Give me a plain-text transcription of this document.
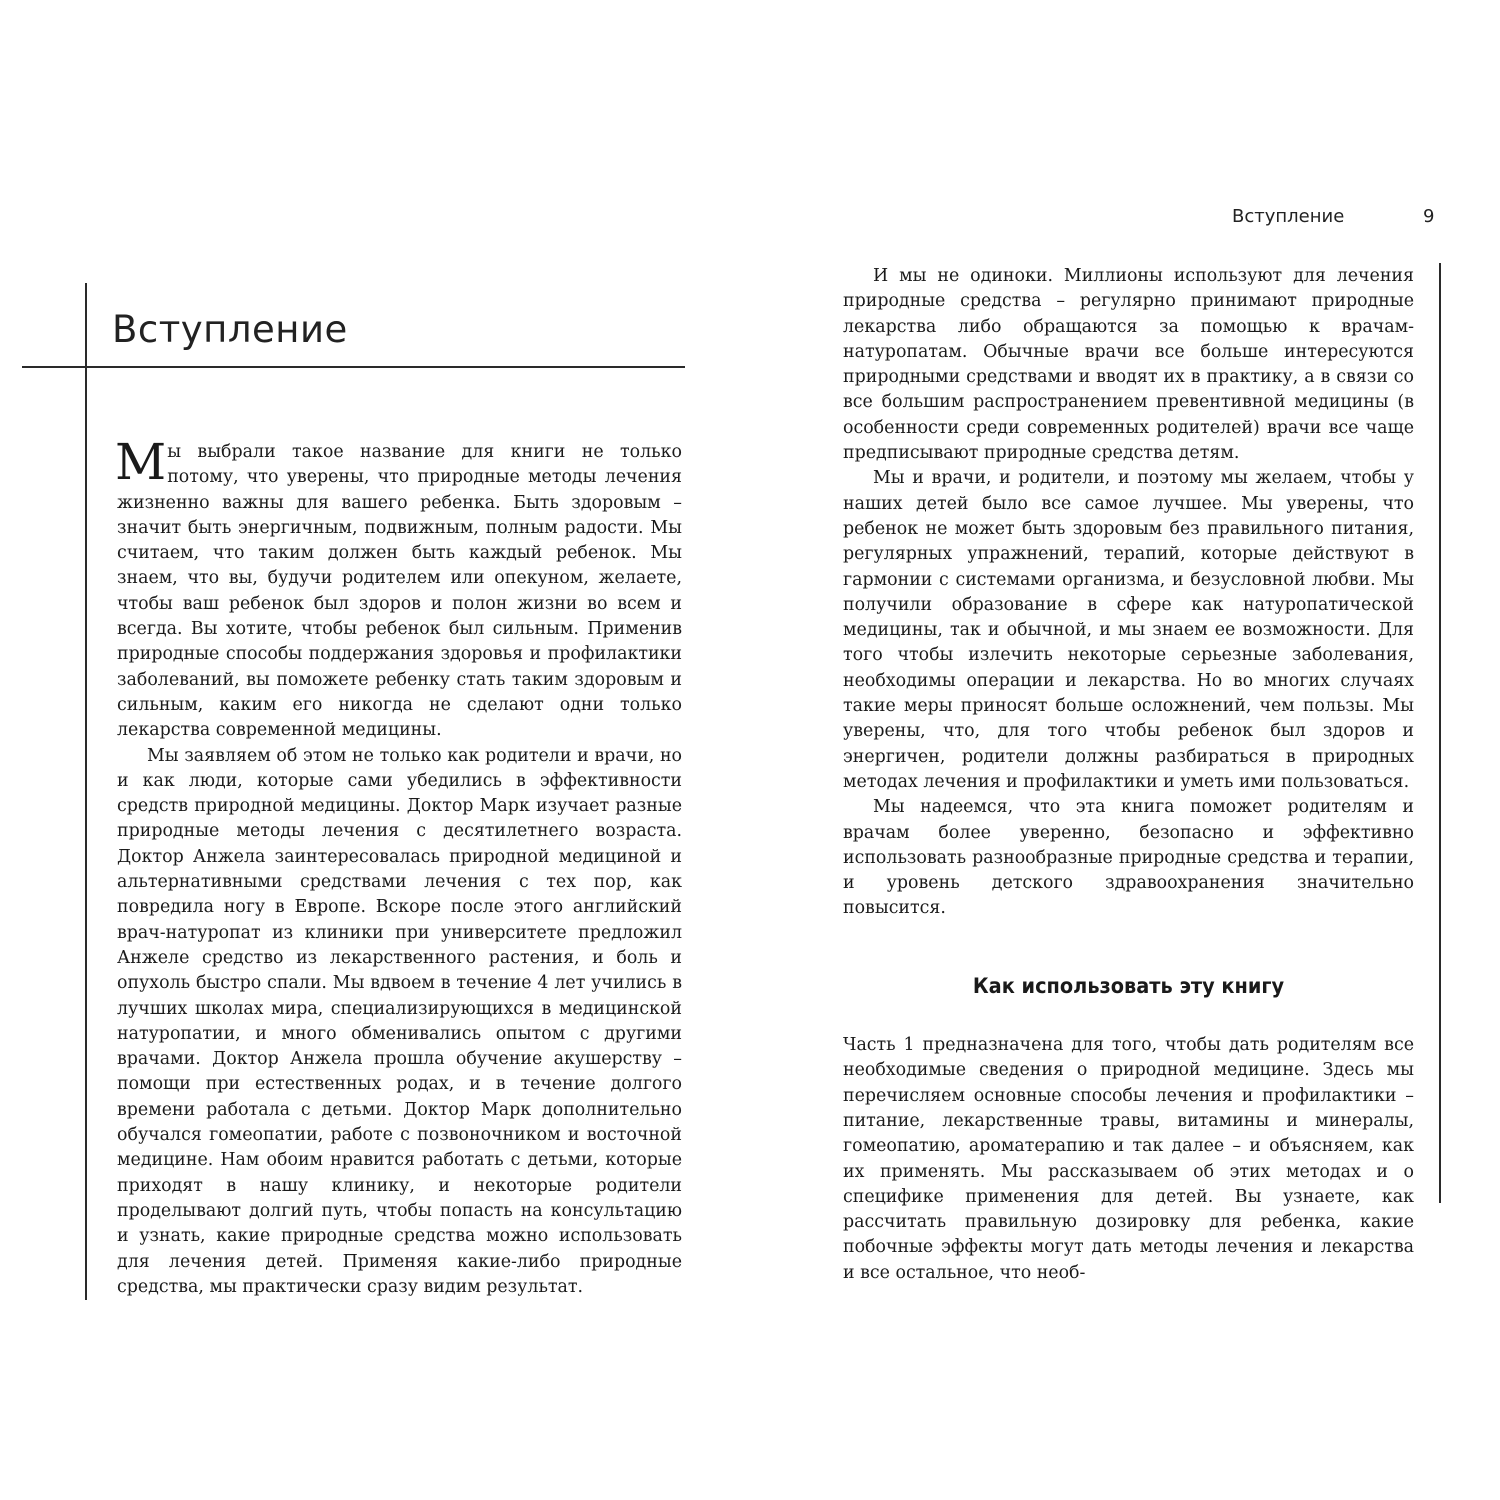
Вступление

Мы выбрали такое название для книги не только потому, что уверены, что природные методы лечения жизненно важны для вашего ребенка. Быть здоровым – значит быть энергичным, подвижным, полным радости. Мы считаем, что таким должен быть каждый ребенок. Мы знаем, что вы, будучи родителем или опекуном, желаете, чтобы ваш ребенок был здоров и полон жизни во всем и всегда. Вы хотите, чтобы ребенок был сильным. Применив природные способы поддержания здоровья и профилактики заболеваний, вы поможете ребенку стать таким здоровым и сильным, каким его никогда не сделают одни только лекарства современной медицины.

Мы заявляем об этом не только как родители и врачи, но и как люди, которые сами убедились в эффективности средств природной медицины. Доктор Марк изучает разные природные методы лечения с десятилетнего возраста. Доктор Анжела заинтересовалась природной медициной и альтернативными средствами лечения с тех пор, как повредила ногу в Европе. Вскоре после этого английский врач-натуропат из клиники при университете предложил Анжеле средство из лекарственного растения, и боль и опухоль быстро спали. Мы вдвоем в течение 4 лет учились в лучших школах мира, специализирующихся в медицинской натуропатии, и много обменивались опытом с другими врачами. Доктор Анжела прошла обучение акушерству – помощи при естественных родах, и в течение долгого времени работала с детьми. Доктор Марк дополнительно обучался гомеопатии, работе с позвоночником и восточной медицине. Нам обоим нравится работать с детьми, которые приходят в нашу клинику, и некоторые родители проделывают долгий путь, чтобы попасть на консультацию и узнать, какие природные средства можно использовать для лечения детей. Применяя какие-либо природные средства, мы практически сразу видим результат.

Вступление	9

И мы не одиноки. Миллионы используют для лечения природные средства – регулярно принимают природные лекарства либо обращаются за помощью к врачам-натуропатам. Обычные врачи все больше интересуются природными средствами и вводят их в практику, а в связи со все большим распространением превентивной медицины (в особенности среди современных родителей) врачи все чаще предписывают природные средства детям.

Мы и врачи, и родители, и поэтому мы желаем, чтобы у наших детей было все самое лучшее. Мы уверены, что ребенок не может быть здоровым без правильного питания, регулярных упражнений, терапий, которые действуют в гармонии с системами организма, и безусловной любви. Мы получили образование в сфере как натуропатической медицины, так и обычной, и мы знаем ее возможности. Для того чтобы излечить некоторые серьезные заболевания, необходимы операции и лекарства. Но во многих случаях такие меры приносят больше осложнений, чем пользы. Мы уверены, что, для того чтобы ребенок был здоров и энергичен, родители должны разбираться в природных методах лечения и профилактики и уметь ими пользоваться.

Мы надеемся, что эта книга поможет родителям и врачам более уверенно, безопасно и эффективно использовать разнообразные природные средства и терапии, и уровень детского здравоохранения значительно повысится.

Как использовать эту книгу

Часть 1 предназначена для того, чтобы дать родителям все необходимые сведения о природной медицине. Здесь мы перечисляем основные способы лечения и профилактики – питание, лекарственные травы, витамины и минералы, гомеопатию, ароматерапию и так далее – и объясняем, как их применять. Мы рассказываем об этих методах и о специфике применения для детей. Вы узнаете, как рассчитать правильную дозировку для ребенка, какие побочные эффекты могут дать методы лечения и лекарства и все остальное, что необ-
